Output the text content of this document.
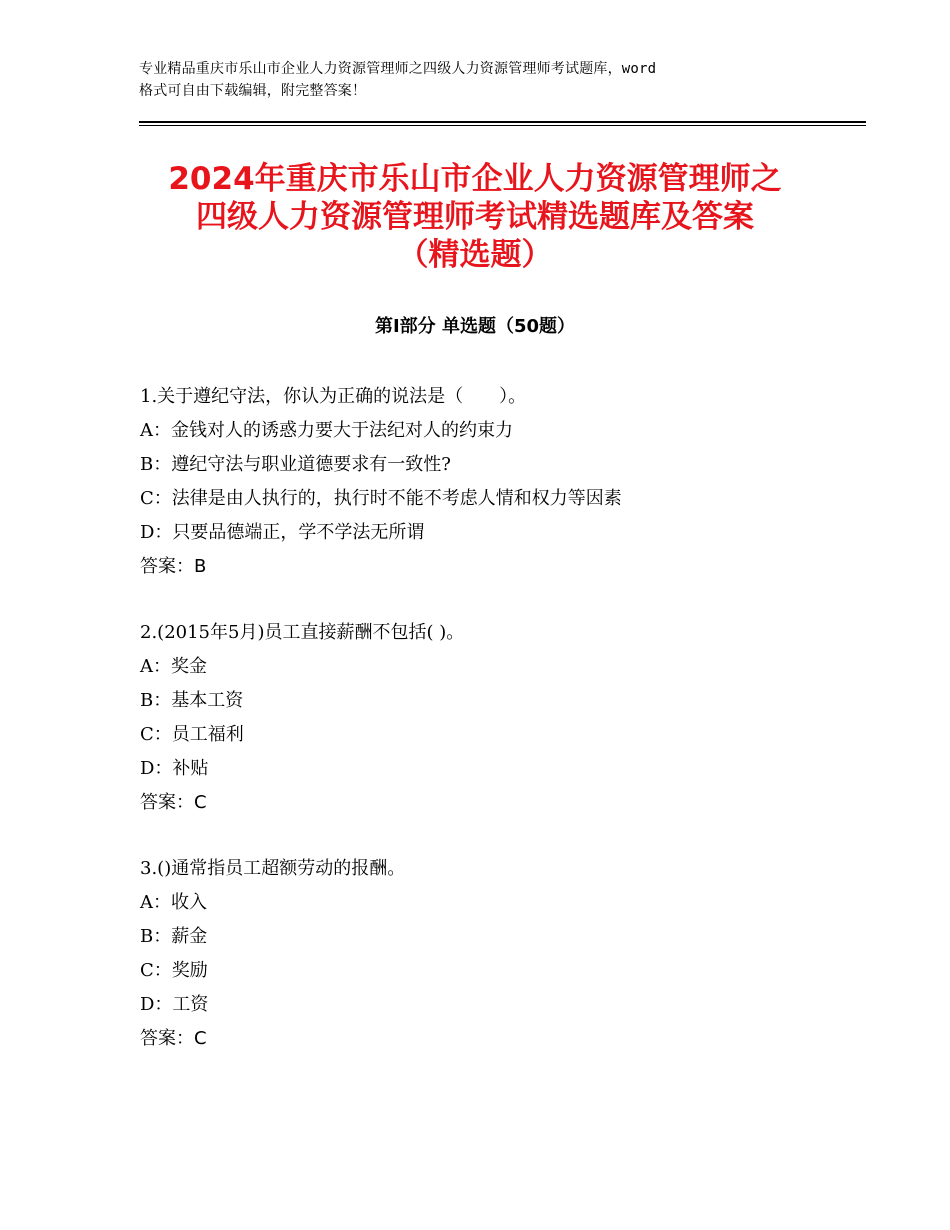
专业精品重庆市乐山市企业人力资源管理师之四级人力资源管理师考试题库，word
格式可自由下载编辑，附完整答案！
2024年重庆市乐山市企业人力资源管理师之
四级人力资源管理师考试精选题库及答案
（精选题）
第Ⅰ部分 单选题（50题）
1.关于遵纪守法，你认为正确的说法是（　　）。
A：金钱对人的诱惑力要大于法纪对人的约束力
B：遵纪守法与职业道德要求有一致性?
C：法律是由人执行的，执行时不能不考虑人情和权力等因素
D：只要品德端正，学不学法无所谓
答案：B
2.(2015年5月)员工直接薪酬不包括( )。
A：奖金
B：基本工资
C：员工福利
D：补贴
答案：C
3.()通常指员工超额劳动的报酬。
A：收入
B：薪金
C：奖励
D：工资
答案：C
